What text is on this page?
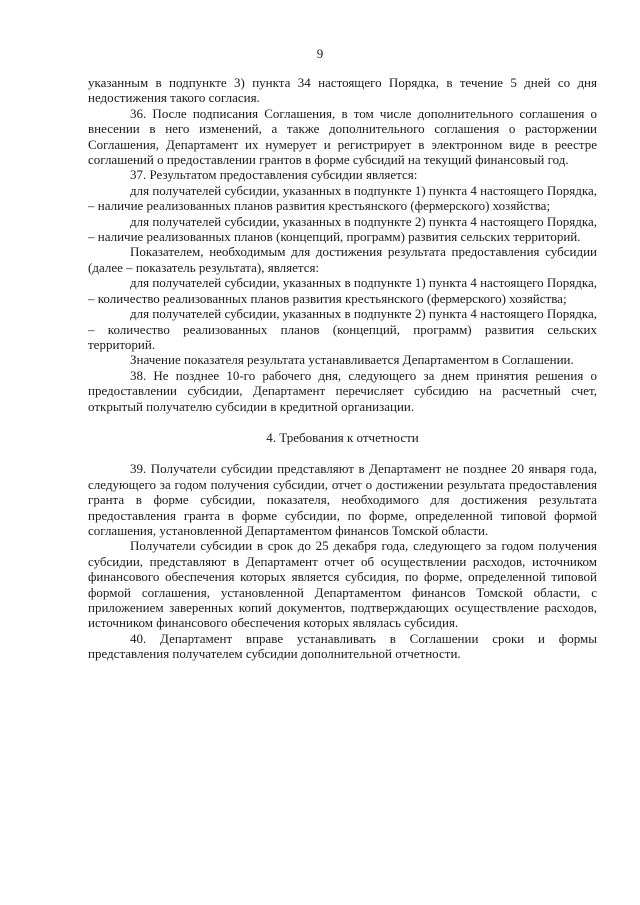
9

указанным в подпункте 3) пункта 34 настоящего Порядка, в течение 5 дней со дня недостижения такого согласия.

36. После подписания Соглашения, в том числе дополнительного соглашения о внесении в него изменений, а также дополнительного соглашения о расторжении Соглашения, Департамент их нумерует и регистрирует в электронном виде в реестре соглашений о предоставлении грантов в форме субсидий на текущий финансовый год.

37. Результатом предоставления субсидии является:

для получателей субсидии, указанных в подпункте 1) пункта 4 настоящего Порядка, – наличие реализованных планов развития крестьянского (фермерского) хозяйства;

для получателей субсидии, указанных в подпункте 2) пункта 4 настоящего Порядка, – наличие реализованных планов (концепций, программ) развития сельских территорий.

Показателем, необходимым для достижения результата предоставления субсидии (далее – показатель результата), является:

для получателей субсидии, указанных в подпункте 1) пункта 4 настоящего Порядка, – количество реализованных планов развития крестьянского (фермерского) хозяйства;

для получателей субсидии, указанных в подпункте 2) пункта 4 настоящего Порядка, – количество реализованных планов (концепций, программ) развития сельских территорий.

Значение показателя результата устанавливается Департаментом в Соглашении.

38. Не позднее 10-го рабочего дня, следующего за днем принятия решения о предоставлении субсидии, Департамент перечисляет субсидию на расчетный счет, открытый получателю субсидии в кредитной организации.

4. Требования к отчетности

39. Получатели субсидии представляют в Департамент не позднее 20 января года, следующего за годом получения субсидии, отчет о достижении результата предоставления гранта в форме субсидии, показателя, необходимого для достижения результата предоставления гранта в форме субсидии, по форме, определенной типовой формой соглашения, установленной Департаментом финансов Томской области.

Получатели субсидии в срок до 25 декабря года, следующего за годом получения субсидии, представляют в Департамент отчет об осуществлении расходов, источником финансового обеспечения которых является субсидия, по форме, определенной типовой формой соглашения, установленной Департаментом финансов Томской области, с приложением заверенных копий документов, подтверждающих осуществление расходов, источником финансового обеспечения которых являлась субсидия.

40. Департамент вправе устанавливать в Соглашении сроки и формы представления получателем субсидии дополнительной отчетности.
